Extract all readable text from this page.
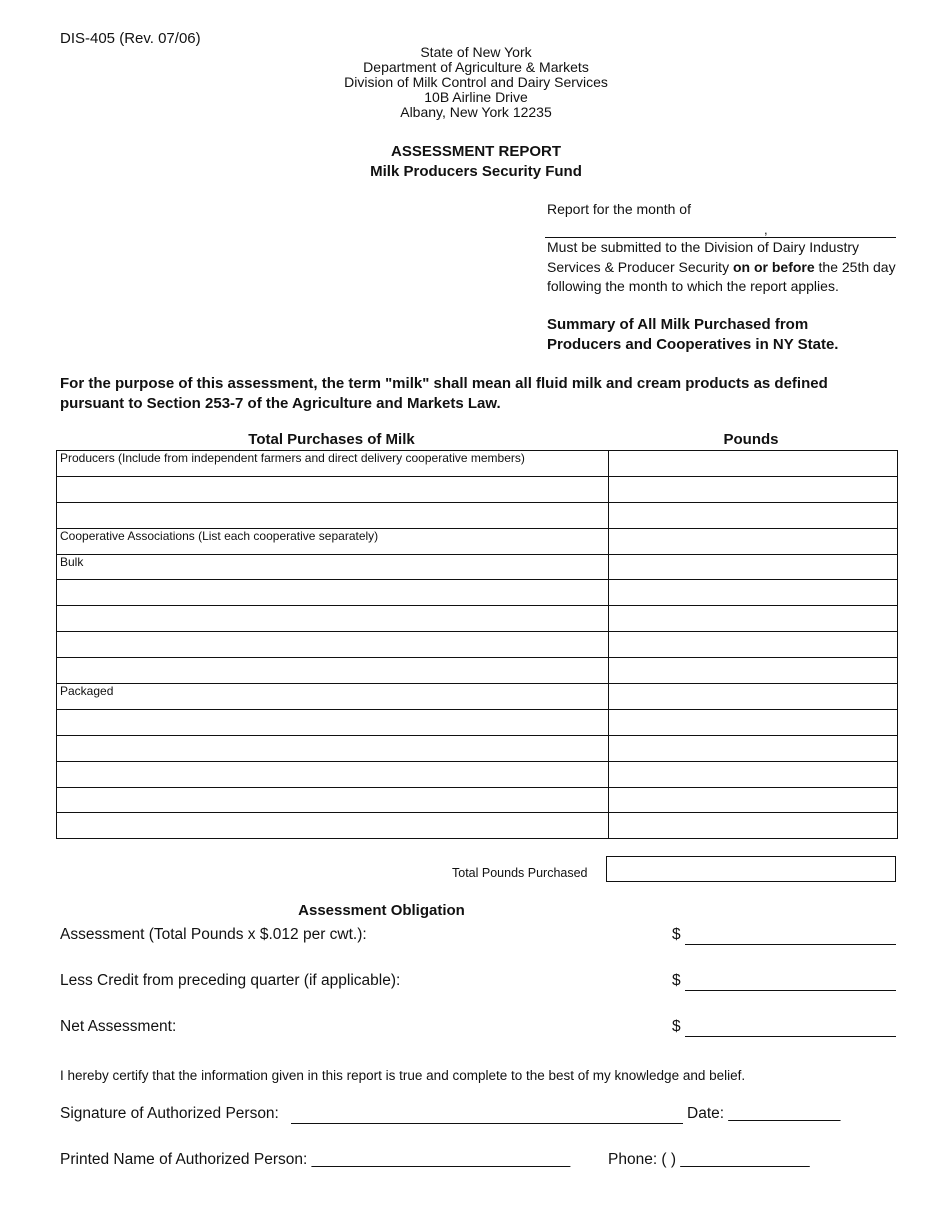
DIS-405 (Rev. 07/06)
State of New York
Department of Agriculture & Markets
Division of Milk Control and Dairy Services
10B Airline Drive
Albany, New York 12235
ASSESSMENT REPORT
Milk Producers Security Fund
Report for the month of
,
Must be submitted to the Division of Dairy Industry
Services & Producer Security on or before the 25th day
following the month to which the report applies.
Summary of All Milk Purchased from
Producers and Cooperatives in NY State.
For the purpose of this assessment, the term "milk" shall mean all fluid milk and cream products as defined
pursuant to Section 253-7 of the Agriculture and Markets Law.
Total Purchases of Milk	Pounds
Producers (Include from independent farmers and direct delivery cooperative members)	

Cooperative Associations (List each cooperative separately)	
Bulk	

Packaged	

Total Pounds Purchased
Assessment Obligation
Assessment (Total Pounds x $.012 per cwt.):	$
Less Credit from preceding quarter (if applicable):	$
Net Assessment:	$
I hereby certify that the information given in this report is true and complete to the best of my knowledge and belief.
Signature of Authorized Person:	Date: _____________
Printed Name of Authorized Person: ______________________________ Phone: ( ) _______________
